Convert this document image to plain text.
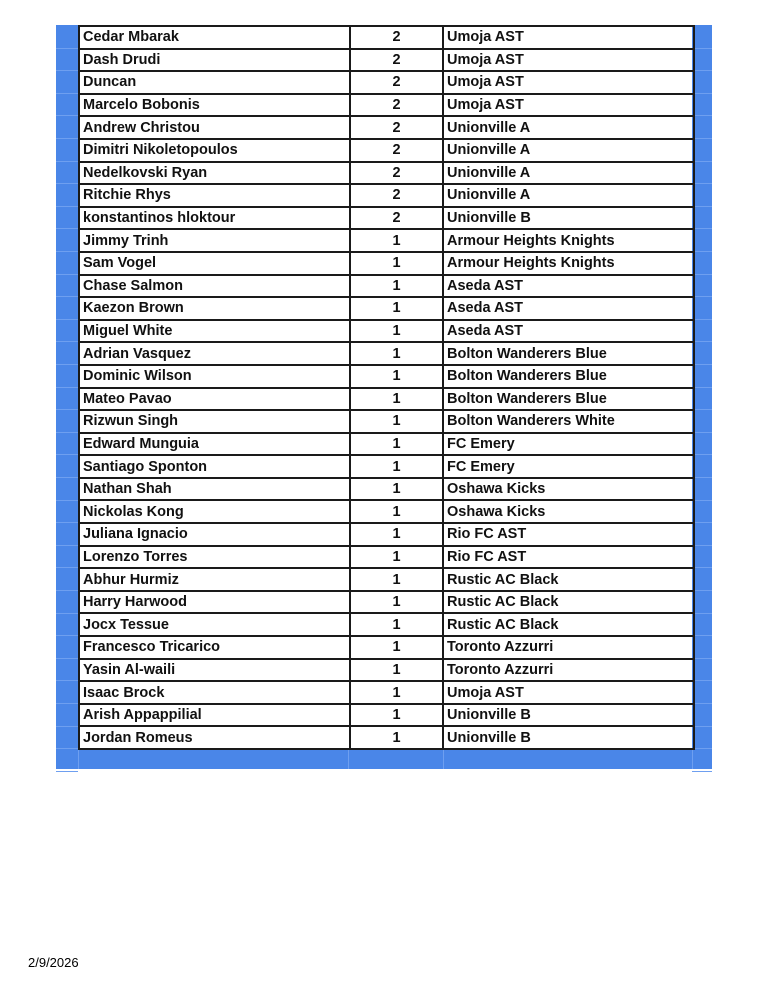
Cedar Mbarak	2	Umoja AST
Dash Drudi	2	Umoja AST
Duncan	2	Umoja AST
Marcelo Bobonis	2	Umoja AST
Andrew Christou	2	Unionville A
Dimitri Nikoletopoulos	2	Unionville A
Nedelkovski Ryan	2	Unionville A
Ritchie Rhys	2	Unionville A
konstantinos hloktour	2	Unionville B
Jimmy Trinh	1	Armour Heights Knights
Sam Vogel	1	Armour Heights Knights
Chase Salmon	1	Aseda AST
Kaezon Brown	1	Aseda AST
Miguel White	1	Aseda AST
Adrian Vasquez	1	Bolton Wanderers Blue
Dominic Wilson	1	Bolton Wanderers Blue
Mateo Pavao	1	Bolton Wanderers Blue
Rizwun Singh	1	Bolton Wanderers White
Edward Munguia	1	FC Emery
Santiago Sponton	1	FC Emery
Nathan Shah	1	Oshawa Kicks
Nickolas Kong	1	Oshawa Kicks
Juliana Ignacio	1	Rio FC AST
Lorenzo Torres	1	Rio FC AST
Abhur Hurmiz	1	Rustic AC Black
Harry Harwood	1	Rustic AC Black
Jocx Tessue	1	Rustic AC Black
Francesco Tricarico	1	Toronto Azzurri
Yasin Al-waili	1	Toronto Azzurri
Isaac Brock	1	Umoja AST
Arish Appappilial	1	Unionville B
Jordan Romeus	1	Unionville B
2/9/2026
